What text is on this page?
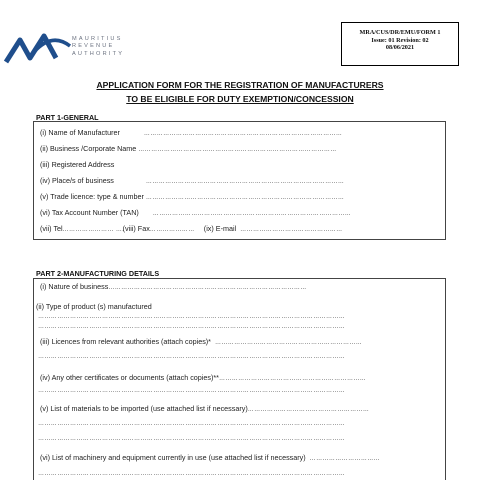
MAURITIUS
REVENUE
AUTHORITY
MRA/CUS/DR/EMU/FORM 1
Issue: 01 Revision: 02
08/06/2021
APPLICATION FORM FOR THE REGISTRATION OF MANUFACTURERS
TO BE ELIGIBLE FOR DUTY EXEMPTION/CONCESSION
PART 1-GENERAL
(i) Name of Manufacturer	…………………………………………………………………………………
(ii) Business /Corporate Name …………………………………………………………………………………
(iii) Registered Address
(iv) Place/s of business	…………………………………………………………………………………
(v) Trade licence: type & number …………………………………………………………………………………
(vi) Tax Account Number (TAN) …………………………………………………………………………………
(vii) Tel …………………… ….
(viii) Fax ………………… (ix) E-mail …………………………………………
PART 2-MANUFACTURING DETAILS
(i) Nature of business …………………………………………………………………………………
(ii) Type of product (s) manufactured
………………………………………………………………………………………………………………………………
………………………………………………………………………………………………………………………………
(iii) Licences from relevant authorities (attach copies)* ……………………………………………………………
………………………………………………………………………………………………………………………………
(iv) Any other certificates or documents (attach copies)** ……………………………………………………………
………………………………………………………………………………………………………………………………
(v) List of materials to be imported (use attached list if necessary) …………………………………………………
………………………………………………………………………………………………………………………………
………………………………………………………………………………………………………………………………
(vi) List of machinery and equipment currently in use (use attached list if necessary) ……………………………
………………………………………………………………………………………………………………………………
